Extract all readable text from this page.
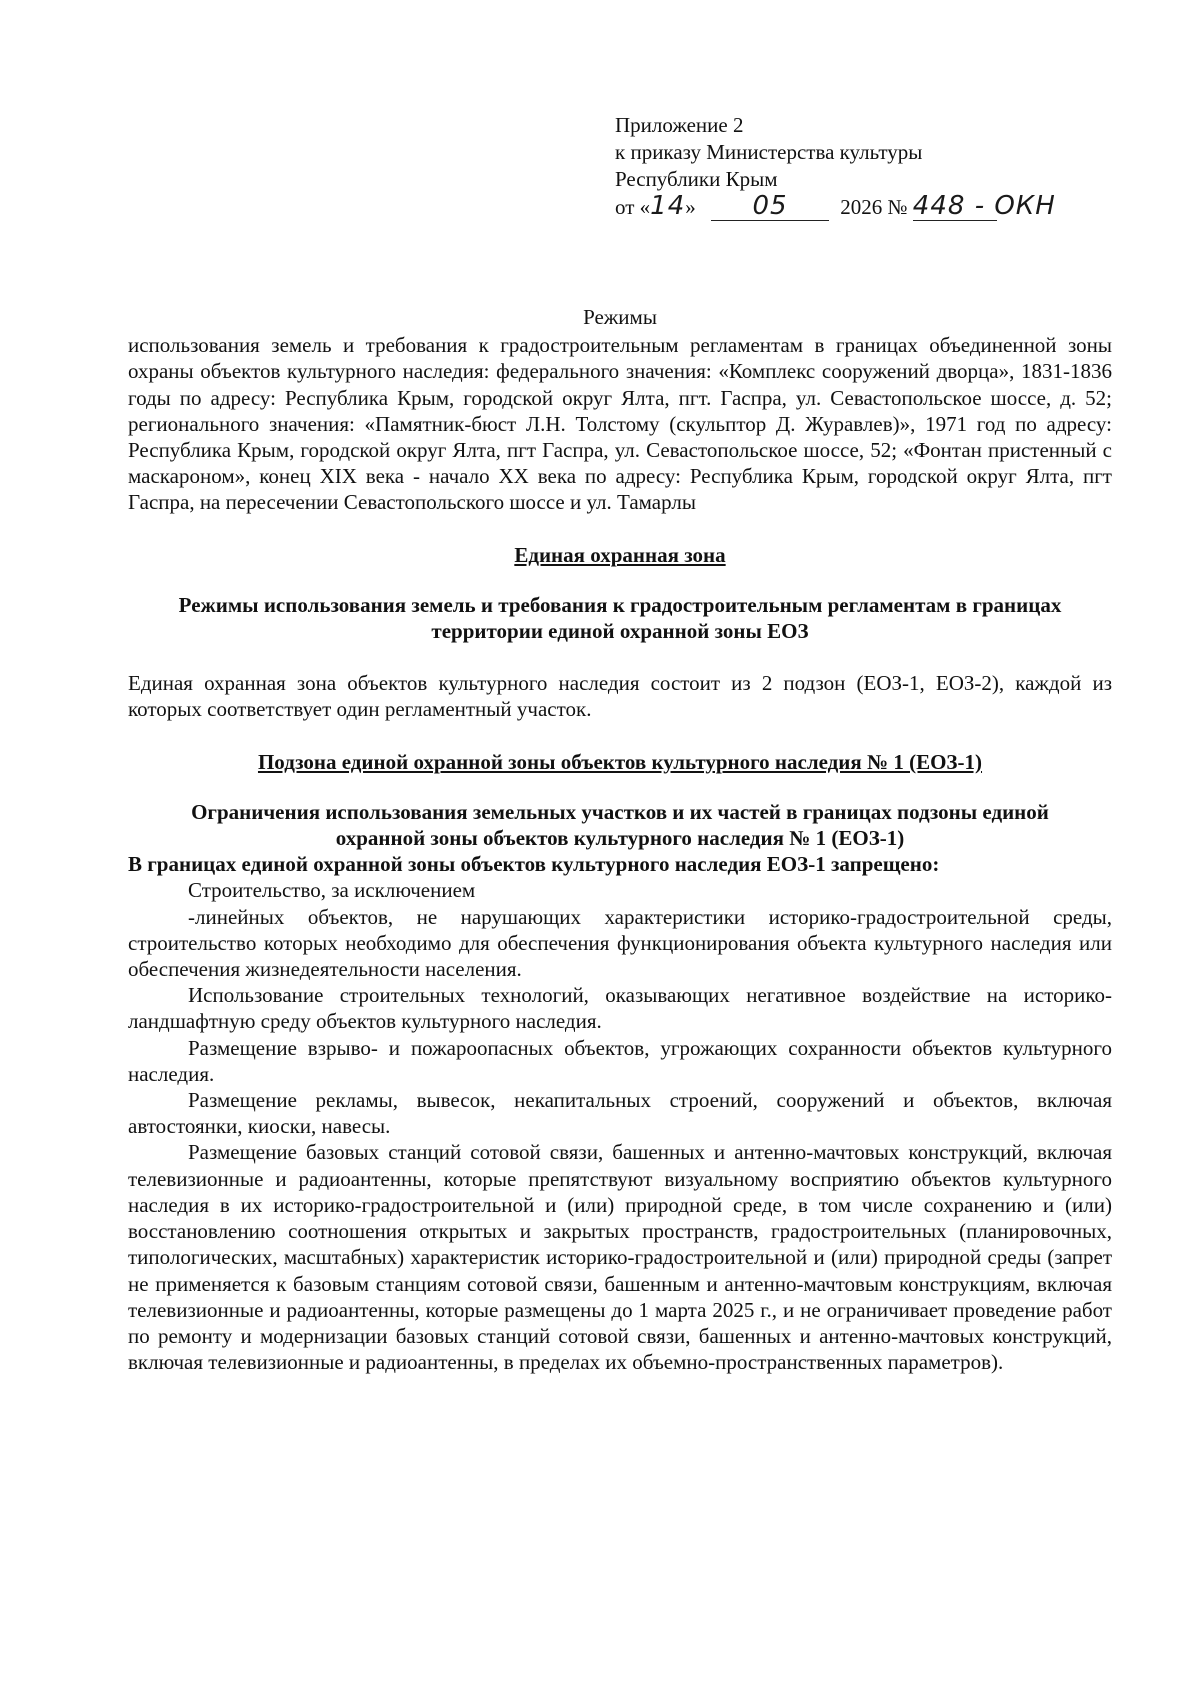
Приложение 2
к приказу Министерства культуры
Республики Крым
от «14» 05	2026 № 448 - ОКН

Режимы

использования земель и требования к градостроительным регламентам в границах объединенной зоны охраны объектов культурного наследия: федерального значения: «Комплекс сооружений дворца», 1831-1836 годы по адресу: Республика Крым, городской округ Ялта, пгт. Гаспра, ул. Севастопольское шоссе, д. 52; регионального значения: «Памятник-бюст Л.Н. Толстому (скульптор Д. Журавлев)», 1971 год по адресу: Республика Крым, городской округ Ялта, пгт Гаспра, ул. Севастопольское шоссе, 52; «Фонтан пристенный с маскароном», конец XIX века - начало XX века по адресу: Республика Крым, городской округ Ялта, пгт Гаспра, на пересечении Севастопольского шоссе и ул. Тамарлы

Единая охранная зона

Режимы использования земель и требования к градостроительным регламентам в границах территории единой охранной зоны ЕОЗ

Единая охранная зона объектов культурного наследия состоит из 2 подзон (ЕОЗ-1, ЕОЗ-2), каждой из которых соответствует один регламентный участок.

Подзона единой охранной зоны объектов культурного наследия № 1 (ЕОЗ-1)

Ограничения использования земельных участков и их частей в границах подзоны единой охранной зоны объектов культурного наследия № 1 (ЕОЗ-1)

В границах единой охранной зоны объектов культурного наследия ЕОЗ-1 запрещено:

Строительство, за исключением

-линейных объектов, не нарушающих характеристики историко-градостроительной среды, строительство которых необходимо для обеспечения функционирования объекта культурного наследия или обеспечения жизнедеятельности населения.

Использование строительных технологий, оказывающих негативное воздействие на историко-ландшафтную среду объектов культурного наследия.

Размещение взрыво- и пожароопасных объектов, угрожающих сохранности объектов культурного наследия.

Размещение рекламы, вывесок, некапитальных строений, сооружений и объектов, включая автостоянки, киоски, навесы.

Размещение базовых станций сотовой связи, башенных и антенно-мачтовых конструкций, включая телевизионные и радиоантенны, которые препятствуют визуальному восприятию объектов культурного наследия в их историко-градостроительной и (или) природной среде, в том числе сохранению и (или) восстановлению соотношения открытых и закрытых пространств, градостроительных (планировочных, типологических, масштабных) характеристик историко-градостроительной и (или) природной среды (запрет не применяется к базовым станциям сотовой связи, башенным и антенно-мачтовым конструкциям, включая телевизионные и радиоантенны, которые размещены до 1 марта 2025 г., и не ограничивает проведение работ по ремонту и модернизации базовых станций сотовой связи, башенных и антенно-мачтовых конструкций, включая телевизионные и радиоантенны, в пределах их объемно-пространственных параметров).
